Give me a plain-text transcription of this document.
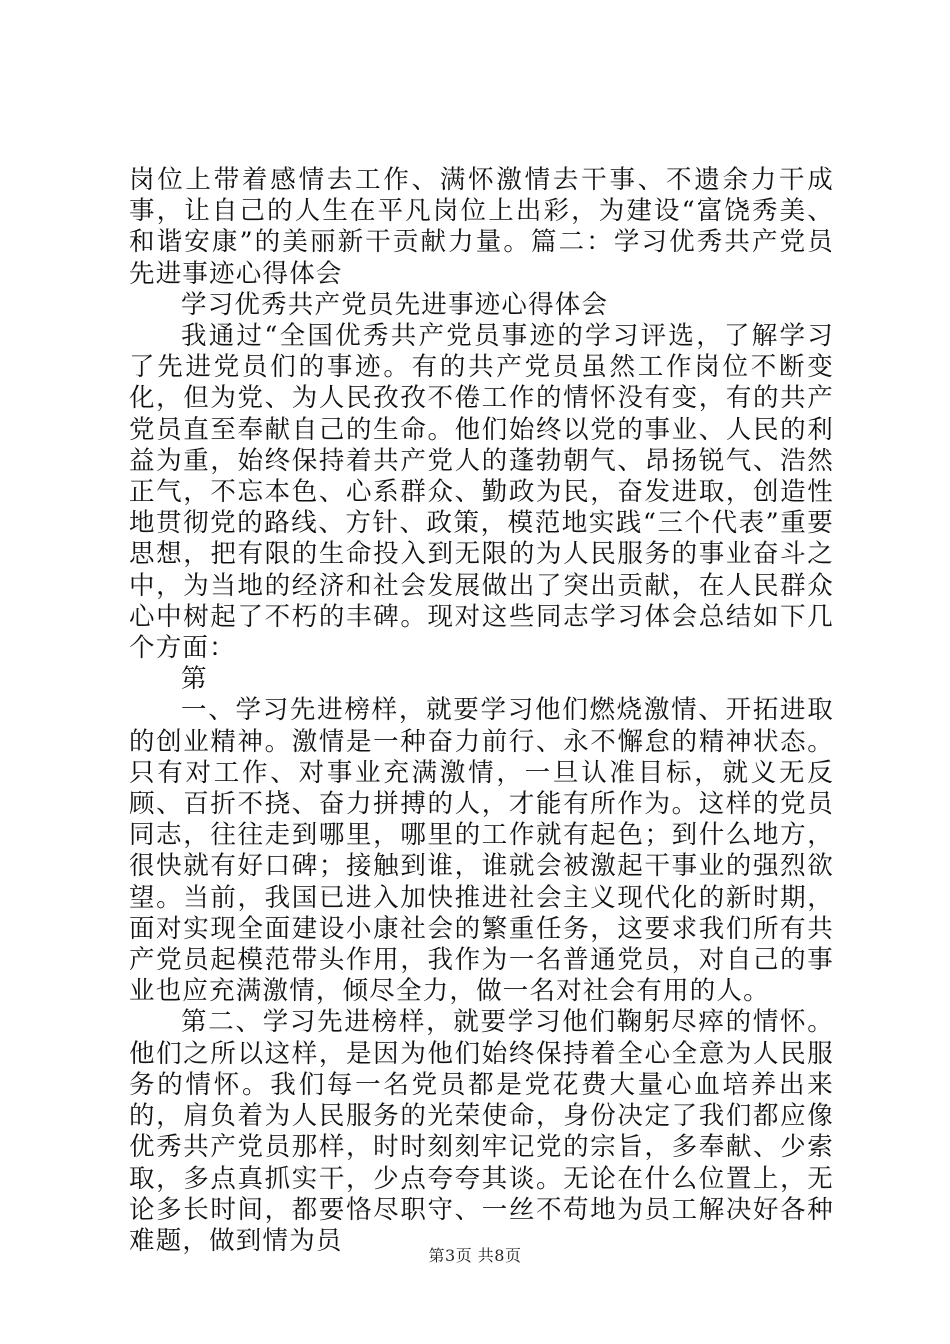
岗位上带着感情去工作、满怀激情去干事、不遗余力干成事，让自己的人生在平凡岗位上出彩，为建设“富饶秀美、和谐安康”的美丽新干贡献力量。篇二：学习优秀共产党员先进事迹心得体会

学习优秀共产党员先进事迹心得体会

我通过“全国优秀共产党员事迹的学习评选，了解学习了先进党员们的事迹。有的共产党员虽然工作岗位不断变化，但为党、为人民孜孜不倦工作的情怀没有变，有的共产党员直至奉献自己的生命。他们始终以党的事业、人民的利益为重，始终保持着共产党人的蓬勃朝气、昂扬锐气、浩然正气，不忘本色、心系群众、勤政为民，奋发进取，创造性地贯彻党的路线、方针、政策，模范地实践“三个代表”重要思想，把有限的生命投入到无限的为人民服务的事业奋斗之中，为当地的经济和社会发展做出了突出贡献，在人民群众心中树起了不朽的丰碑。现对这些同志学习体会总结如下几个方面：

第

一、学习先进榜样，就要学习他们燃烧激情、开拓进取的创业精神。激情是一种奋力前行、永不懈怠的精神状态。只有对工作、对事业充满激情，一旦认准目标，就义无反顾、百折不挠、奋力拼搏的人，才能有所作为。这样的党员同志，往往走到哪里，哪里的工作就有起色；到什么地方，很快就有好口碑；接触到谁，谁就会被激起干事业的强烈欲望。当前，我国已进入加快推进社会主义现代化的新时期，面对实现全面建设小康社会的繁重任务，这要求我们所有共产党员起模范带头作用，我作为一名普通党员，对自己的事业也应充满激情，倾尽全力，做一名对社会有用的人。

第二、学习先进榜样，就要学习他们鞠躬尽瘁的情怀。他们之所以这样，是因为他们始终保持着全心全意为人民服务的情怀。我们每一名党员都是党花费大量心血培养出来的，肩负着为人民服务的光荣使命，身份决定了我们都应像优秀共产党员那样，时时刻刻牢记党的宗旨，多奉献、少索取，多点真抓实干，少点夸夸其谈。无论在什么位置上，无论多长时间，都要恪尽职守、一丝不苟地为员工解决好各种难题，做到情为员	第3页 共8页
